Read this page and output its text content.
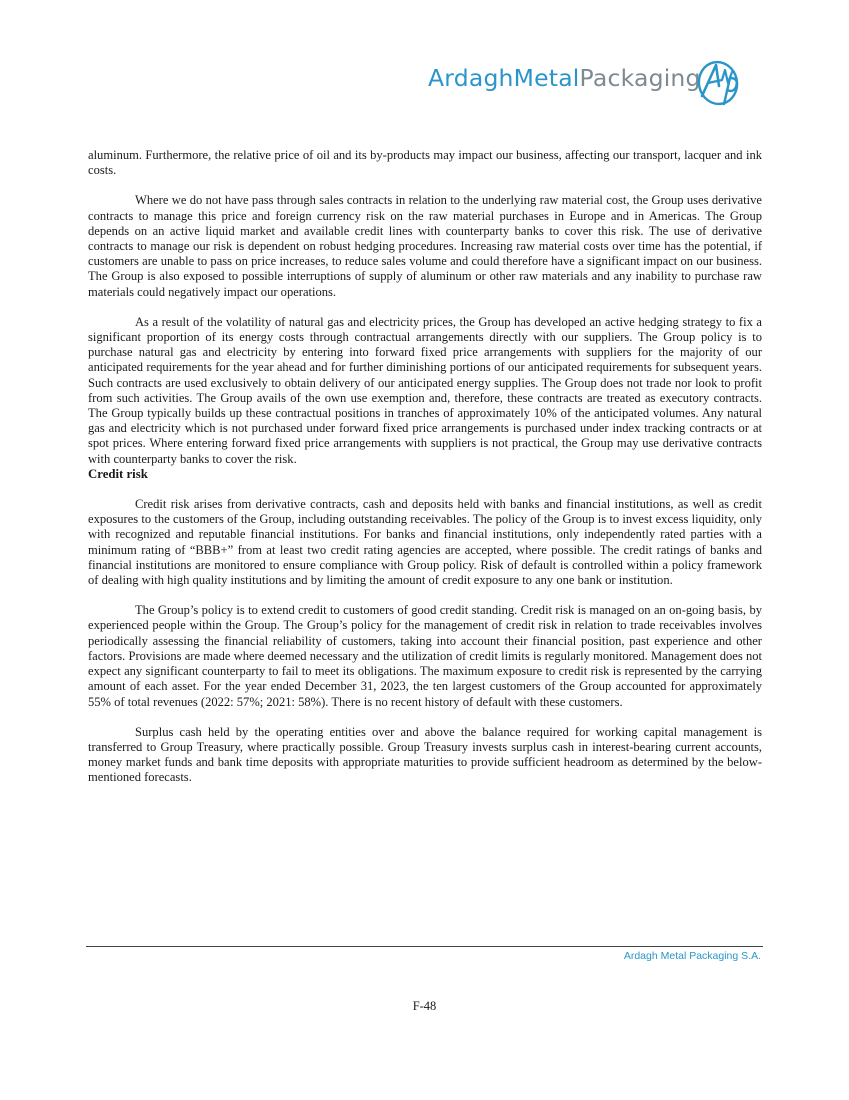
ArdaghMetalPackaging

aluminum. Furthermore, the relative price of oil and its by-products may impact our business, affecting our transport, lacquer and ink costs.

Where we do not have pass through sales contracts in relation to the underlying raw material cost, the Group uses derivative contracts to manage this price and foreign currency risk on the raw material purchases in Europe and in Americas. The Group depends on an active liquid market and available credit lines with counterparty banks to cover this risk. The use of derivative contracts to manage our risk is dependent on robust hedging procedures. Increasing raw material costs over time has the potential, if customers are unable to pass on price increases, to reduce sales volume and could therefore have a significant impact on our business. The Group is also exposed to possible interruptions of supply of aluminum or other raw materials and any inability to purchase raw materials could negatively impact our operations.

As a result of the volatility of natural gas and electricity prices, the Group has developed an active hedging strategy to fix a significant proportion of its energy costs through contractual arrangements directly with our suppliers. The Group policy is to purchase natural gas and electricity by entering into forward fixed price arrangements with suppliers for the majority of our anticipated requirements for the year ahead and for further diminishing portions of our anticipated requirements for subsequent years. Such contracts are used exclusively to obtain delivery of our anticipated energy supplies. The Group does not trade nor look to profit from such activities. The Group avails of the own use exemption and, therefore, these contracts are treated as executory contracts. The Group typically builds up these contractual positions in tranches of approximately 10% of the anticipated volumes. Any natural gas and electricity which is not purchased under forward fixed price arrangements is purchased under index tracking contracts or at spot prices. Where entering forward fixed price arrangements with suppliers is not practical, the Group may use derivative contracts with counterparty banks to cover the risk.

Credit risk

Credit risk arises from derivative contracts, cash and deposits held with banks and financial institutions, as well as credit exposures to the customers of the Group, including outstanding receivables. The policy of the Group is to invest excess liquidity, only with recognized and reputable financial institutions. For banks and financial institutions, only independently rated parties with a minimum rating of “BBB+” from at least two credit rating agencies are accepted, where possible. The credit ratings of banks and financial institutions are monitored to ensure compliance with Group policy. Risk of default is controlled within a policy framework of dealing with high quality institutions and by limiting the amount of credit exposure to any one bank or institution.

The Group’s policy is to extend credit to customers of good credit standing. Credit risk is managed on an on-going basis, by experienced people within the Group. The Group’s policy for the management of credit risk in relation to trade receivables involves periodically assessing the financial reliability of customers, taking into account their financial position, past experience and other factors. Provisions are made where deemed necessary and the utilization of credit limits is regularly monitored. Management does not expect any significant counterparty to fail to meet its obligations. The maximum exposure to credit risk is represented by the carrying amount of each asset. For the year ended December 31, 2023, the ten largest customers of the Group accounted for approximately 55% of total revenues (2022: 57%; 2021: 58%). There is no recent history of default with these customers.

Surplus cash held by the operating entities over and above the balance required for working capital management is transferred to Group Treasury, where practically possible. Group Treasury invests surplus cash in interest-bearing current accounts, money market funds and bank time deposits with appropriate maturities to provide sufficient headroom as determined by the below-mentioned forecasts.

Ardagh Metal Packaging S.A.
F-48
